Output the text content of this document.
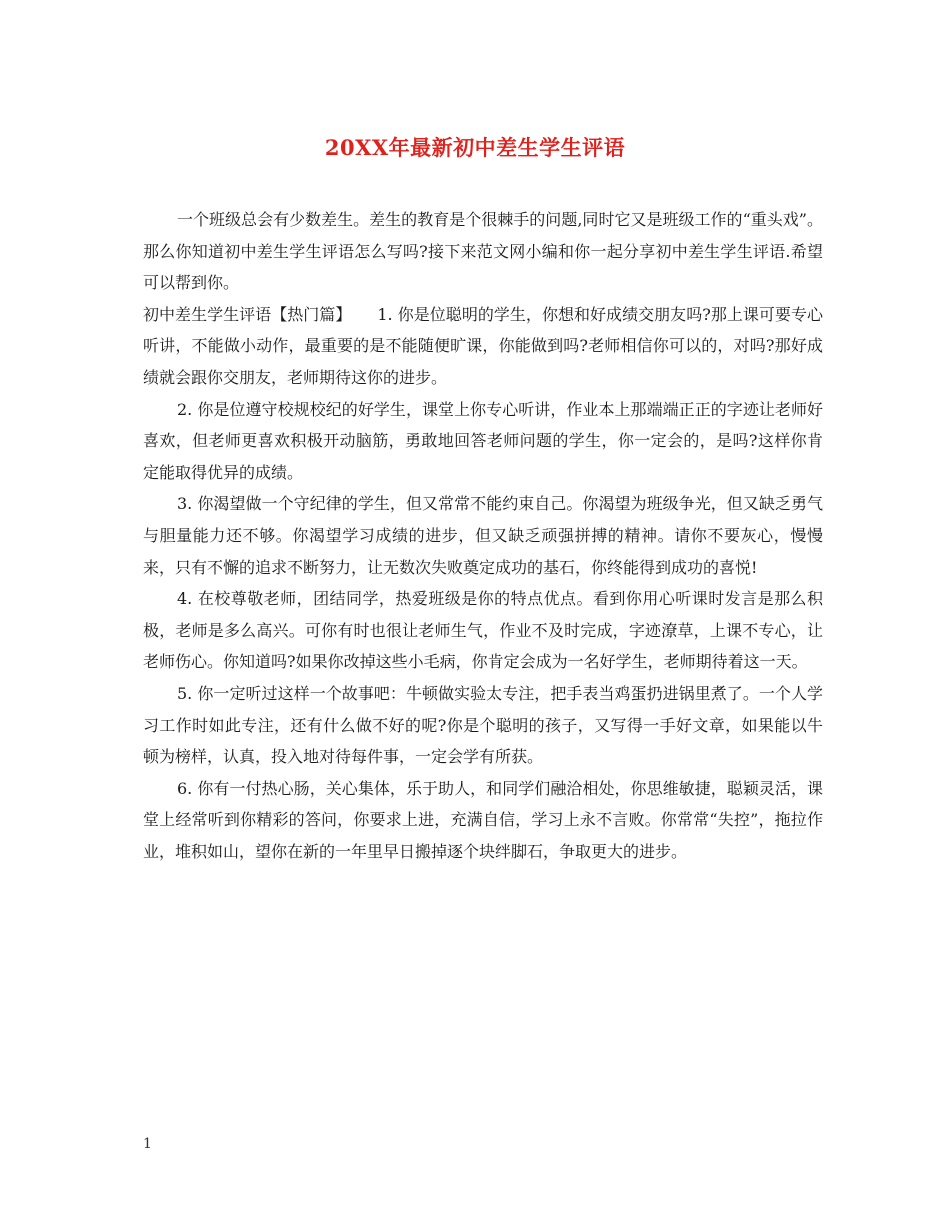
20XX年最新初中差生学生评语

一个班级总会有少数差生。差生的教育是个很棘手的问题,同时它又是班级工作的“重头戏”。那么你知道初中差生学生评语怎么写吗?接下来范文网小编和你一起分享初中差生学生评语.希望可以帮到你。

初中差生学生评语【热门篇】 1. 你是位聪明的学生，你想和好成绩交朋友吗?那上课可要专心听讲，不能做小动作，最重要的是不能随便旷课，你能做到吗?老师相信你可以的，对吗?那好成绩就会跟你交朋友，老师期待这你的进步。

2. 你是位遵守校规校纪的好学生，课堂上你专心听讲，作业本上那端端正正的字迹让老师好喜欢，但老师更喜欢积极开动脑筋，勇敢地回答老师问题的学生，你一定会的，是吗?这样你肯定能取得优异的成绩。

3. 你渴望做一个守纪律的学生，但又常常不能约束自己。你渴望为班级争光，但又缺乏勇气与胆量能力还不够。你渴望学习成绩的进步，但又缺乏顽强拼搏的精神。请你不要灰心，慢慢来，只有不懈的追求不断努力，让无数次失败奠定成功的基石，你终能得到成功的喜悦!

4. 在校尊敬老师，团结同学，热爱班级是你的特点优点。看到你用心听课时发言是那么积极，老师是多么高兴。可你有时也很让老师生气，作业不及时完成，字迹潦草，上课不专心，让老师伤心。你知道吗?如果你改掉这些小毛病，你肯定会成为一名好学生，老师期待着这一天。

5. 你一定听过这样一个故事吧：牛顿做实验太专注，把手表当鸡蛋扔进锅里煮了。一个人学习工作时如此专注，还有什么做不好的呢?你是个聪明的孩子，又写得一手好文章，如果能以牛顿为榜样，认真，投入地对待每件事，一定会学有所获。

6. 你有一付热心肠，关心集体，乐于助人，和同学们融洽相处，你思维敏捷，聪颖灵活，课堂上经常听到你精彩的答问，你要求上进，充满自信，学习上永不言败。你常常“失控”，拖拉作业，堆积如山，望你在新的一年里早日搬掉逐个块绊脚石，争取更大的进步。

1
